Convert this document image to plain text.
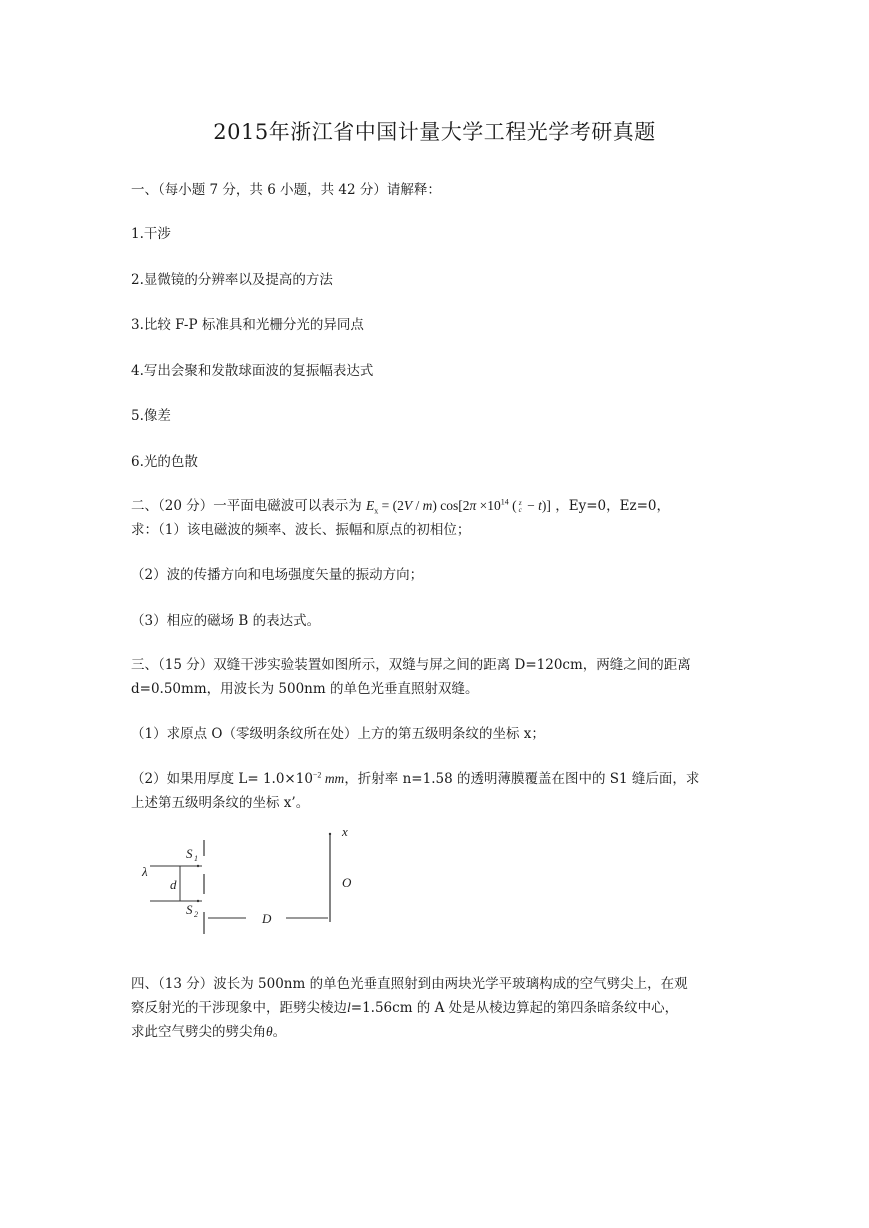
2015年浙江省中国计量大学工程光学考研真题
一、（每小题 7 分，共 6 小题，共 42 分）请解释：
1.干涉
2.显微镜的分辨率以及提高的方法
3.比较 F-P 标准具和光栅分光的异同点
4.写出会聚和发散球面波的复振幅表达式
5.像差
6.光的色散
二、（20 分）一平面电磁波可以表示为 $E_x = (2V / m)$ $\cos[2\pi \times 10^{14}$ ( z
c − t)] ，Ey=0，Ez=0，
求：（1）该电磁波的频率、波长、振幅和原点的初相位；
（2）波的传播方向和电场强度矢量的振动方向；
（3）相应的磁场 B 的表达式。
三、（15 分）双缝干涉实验装置如图所示，双缝与屏之间的距离 D=120cm，两缝之间的距离
d=0.50mm，用波长为 500nm 的单色光垂直照射双缝。
（1）求原点 O（零级明条纹所在处）上方的第五级明条纹的坐标 x；
（2）如果用厚度 $L= 1.0\times 10^{-2}$ mm，折射率 n=1.58 的透明薄膜覆盖在图中的 S1 缝后面，求
上述第五级明条纹的坐标 x’。
λ
d
S 1
S 2	D
x
O
四、（13 分）波长为 500nm 的单色光垂直照射到由两块光学平玻璃构成的空气劈尖上，在观
察反射光的干涉现象中，距劈尖棱边l=1.56cm 的 A 处是从棱边算起的第四条暗条纹中心，
求此空气劈尖的劈尖角θ。
